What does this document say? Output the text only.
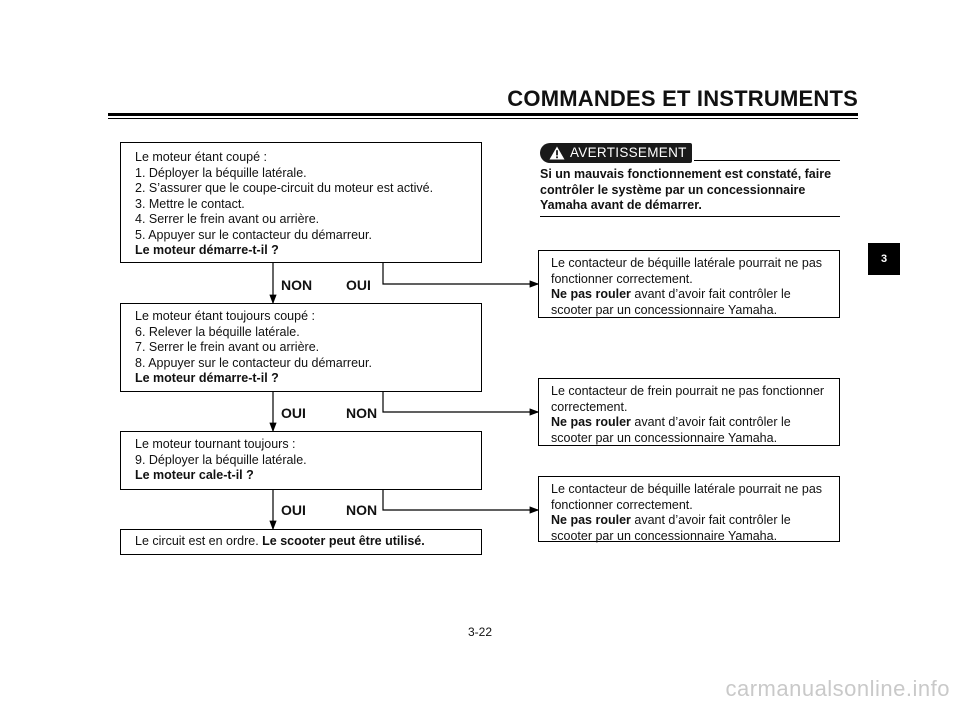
COMMANDES ET INSTRUMENTS
Le moteur étant coupé :
1. Déployer la béquille latérale.
2. S’assurer que le coupe-circuit du moteur est activé.
3. Mettre le contact.
4. Serrer le frein avant ou arrière.
5. Appuyer sur le contacteur du démarreur.
Le moteur démarre-t-il ?
NON OUI
Le moteur étant toujours coupé :
6. Relever la béquille latérale.
7. Serrer le frein avant ou arrière.
8. Appuyer sur le contacteur du démarreur.
Le moteur démarre-t-il ?
OUI	NON
Le moteur tournant toujours :
9. Déployer la béquille latérale.
Le moteur cale-t-il ?
OUI	NON
Le circuit est en ordre. Le scooter peut être utilisé.
AVERTISSEMENT
Si un mauvais fonctionnement est constaté, faire
contrôler le système par un concessionnaire
Yamaha avant de démarrer.
Le contacteur de béquille latérale pourrait ne pas
fonctionner correctement.
Ne pas rouler avant d’avoir fait contrôler le
scooter par un concessionnaire Yamaha.
Le contacteur de frein pourrait ne pas fonctionner
correctement.
Ne pas rouler avant d’avoir fait contrôler le
scooter par un concessionnaire Yamaha.
Le contacteur de béquille latérale pourrait ne pas
fonctionner correctement.
Ne pas rouler avant d’avoir fait contrôler le
scooter par un concessionnaire Yamaha.
3
3-22
carmanualsonline.info
